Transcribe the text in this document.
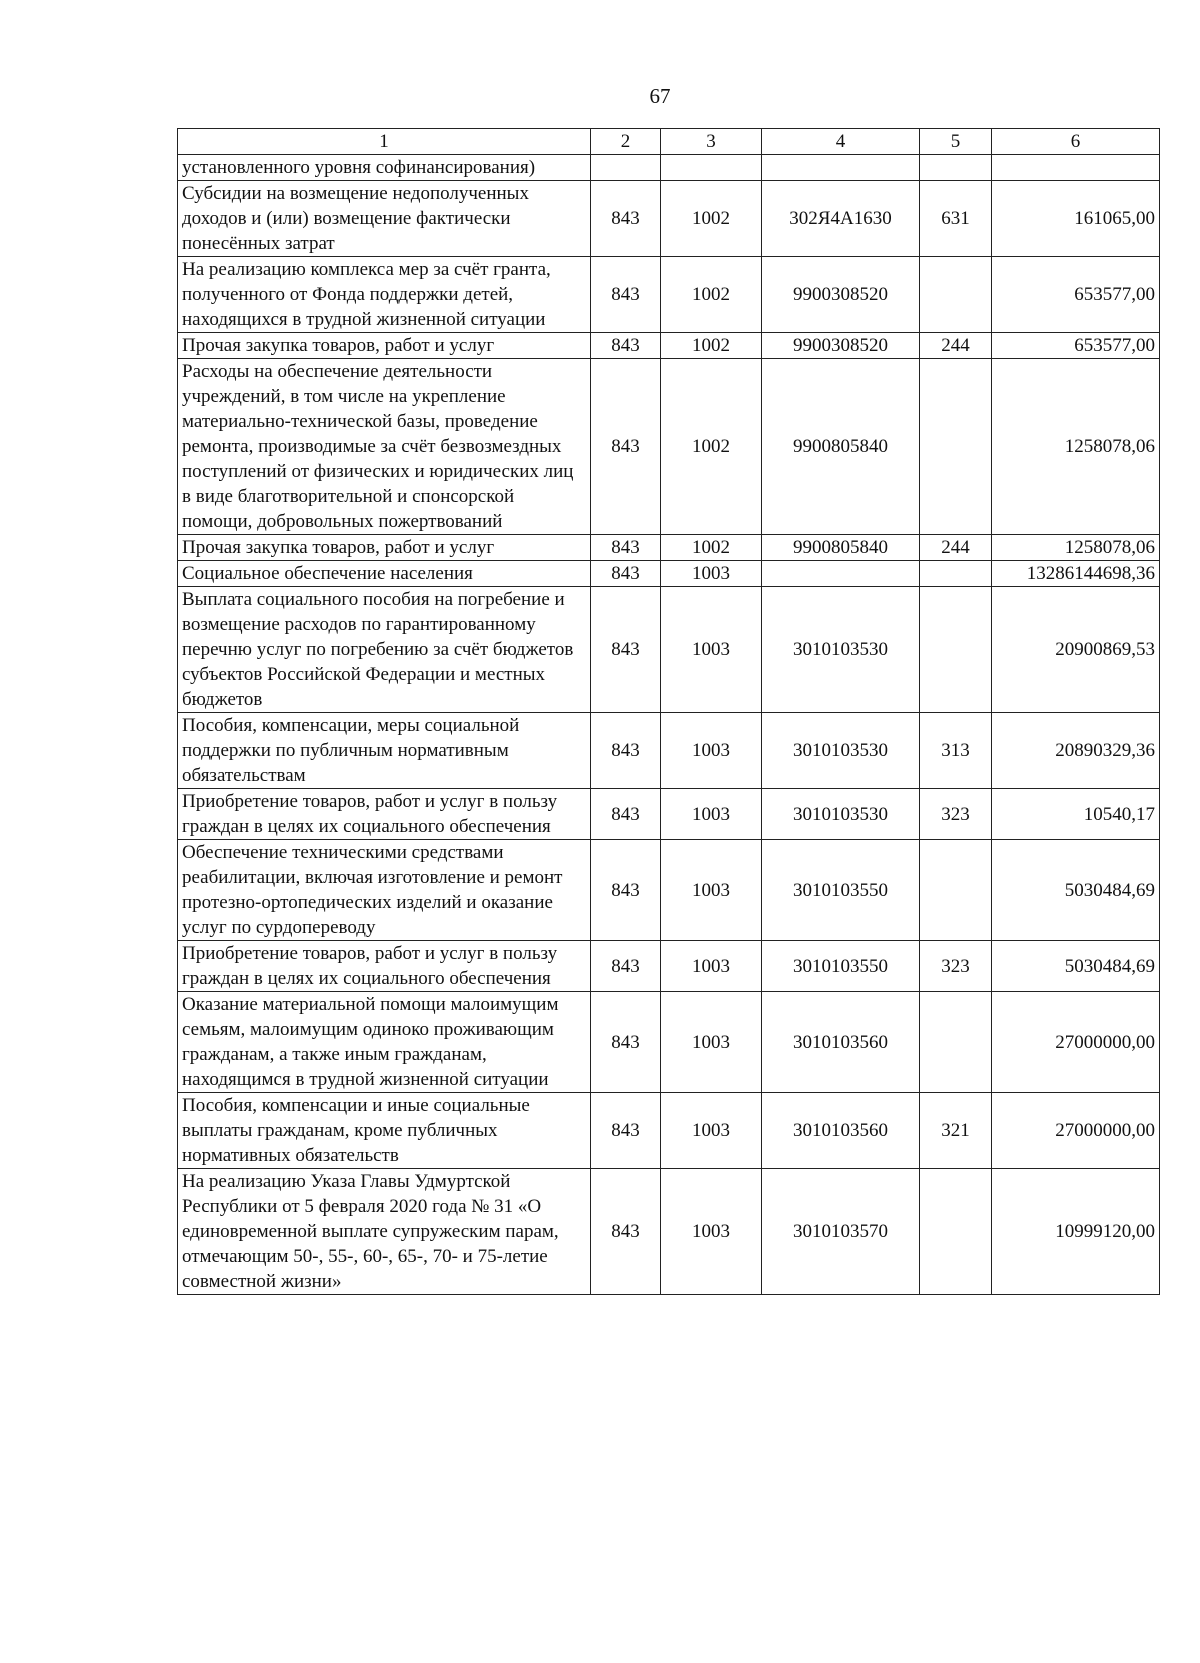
67
1	2	3	4	5	6
установленного уровня софинансирования)					
Субсидии на возмещение недополученных доходов и (или) возмещение фактически понесённых затрат	843	1002	302Я4А1630	631	161065,00
На реализацию комплекса мер за счёт гранта, полученного от Фонда поддержки детей, находящихся в трудной жизненной ситуации	843	1002	9900308520		653577,00
Прочая закупка товаров, работ и услуг	843	1002	9900308520	244	653577,00
Расходы на обеспечение деятельности учреждений, в том числе на укрепление материально-технической базы, проведение ремонта, производимые за счёт безвозмездных поступлений от физических и юридических лиц в виде благотворительной и спонсорской помощи, добровольных пожертвований	843	1002	9900805840		1258078,06
Прочая закупка товаров, работ и услуг	843	1002	9900805840	244	1258078,06
Социальное обеспечение населения	843	1003			13286144698,36
Выплата социального пособия на погребение и возмещение расходов по гарантированному перечню услуг по погребению за счёт бюджетов субъектов Российской Федерации и местных бюджетов	843	1003	3010103530		20900869,53
Пособия, компенсации, меры социальной поддержки по публичным нормативным обязательствам	843	1003	3010103530	313	20890329,36
Приобретение товаров, работ и услуг в пользу граждан в целях их социального обеспечения	843	1003	3010103530	323	10540,17
Обеспечение техническими средствами реабилитации, включая изготовление и ремонт протезно-ортопедических изделий и оказание услуг по сурдопереводу	843	1003	3010103550		5030484,69
Приобретение товаров, работ и услуг в пользу граждан в целях их социального обеспечения	843	1003	3010103550	323	5030484,69
Оказание материальной помощи малоимущим семьям, малоимущим одиноко проживающим гражданам, а также иным гражданам, находящимся в трудной жизненной ситуации	843	1003	3010103560		27000000,00
Пособия, компенсации и иные социальные выплаты гражданам, кроме публичных нормативных обязательств	843	1003	3010103560	321	27000000,00
На реализацию Указа Главы Удмуртской Республики от 5 февраля 2020 года № 31 «О единовременной выплате супружеским парам, отмечающим 50-, 55-, 60-, 65-, 70- и 75-летие совместной жизни»	843	1003	3010103570		10999120,00
